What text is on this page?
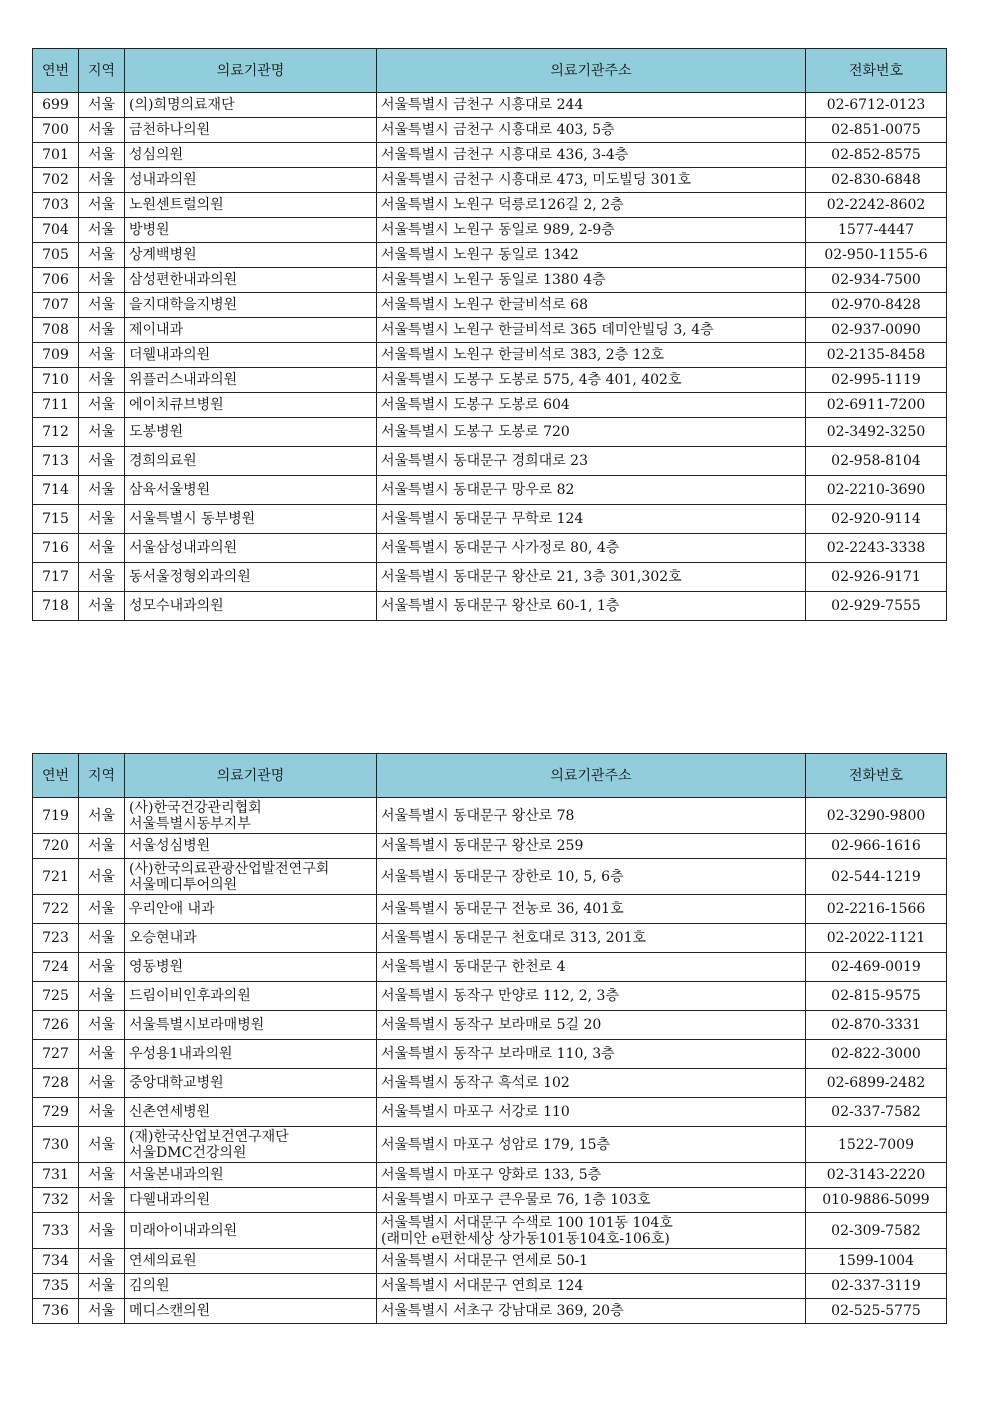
연번	지역	의료기관명	의료기관주소	전화번호
699	서울	(의)희명의료재단	서울특별시 금천구 시흥대로 244	02-6712-0123
700	서울	금천하나의원	서울특별시 금천구 시흥대로 403, 5층	02-851-0075
701	서울	성심의원	서울특별시 금천구 시흥대로 436, 3-4층	02-852-8575
702	서울	성내과의원	서울특별시 금천구 시흥대로 473, 미도빌딩 301호	02-830-6848
703	서울	노원센트럴의원	서울특별시 노원구 덕릉로126길 2, 2층	02-2242-8602
704	서울	방병원	서울특별시 노원구 동일로 989, 2-9층	1577-4447
705	서울	상계백병원	서울특별시 노원구 동일로 1342	02-950-1155-6
706	서울	삼성편한내과의원	서울특별시 노원구 동일로 1380 4층	02-934-7500
707	서울	을지대학을지병원	서울특별시 노원구 한글비석로 68	02-970-8428
708	서울	제이내과	서울특별시 노원구 한글비석로 365 데미안빌딩 3, 4층	02-937-0090
709	서울	더웰내과의원	서울특별시 노원구 한글비석로 383, 2층 12호	02-2135-8458
710	서울	위플러스내과의원	서울특별시 도봉구 도봉로 575, 4층 401, 402호	02-995-1119
711	서울	에이치큐브병원	서울특별시 도봉구 도봉로 604	02-6911-7200
712	서울	도봉병원	서울특별시 도봉구 도봉로 720	02-3492-3250
713	서울	경희의료원	서울특별시 동대문구 경희대로 23	02-958-8104
714	서울	삼육서울병원	서울특별시 동대문구 망우로 82	02-2210-3690
715	서울	서울특별시 동부병원	서울특별시 동대문구 무학로 124	02-920-9114
716	서울	서울삼성내과의원	서울특별시 동대문구 사가정로 80, 4층	02-2243-3338
717	서울	동서울정형외과의원	서울특별시 동대문구 왕산로 21, 3층 301,302호	02-926-9171
718	서울	성모수내과의원	서울특별시 동대문구 왕산로 60-1, 1층	02-929-7555
연번	지역	의료기관명	의료기관주소	전화번호
719	서울	(사)한국건강관리협회
서울특별시동부지부	서울특별시 동대문구 왕산로 78	02-3290-9800
720	서울	서울성심병원	서울특별시 동대문구 왕산로 259	02-966-1616
721	서울	(사)한국의료관광산업발전연구회
서울메디투어의원	서울특별시 동대문구 장한로 10, 5, 6층	02-544-1219
722	서울	우리안애 내과	서울특별시 동대문구 전농로 36, 401호	02-2216-1566
723	서울	오승현내과	서울특별시 동대문구 천호대로 313, 201호	02-2022-1121
724	서울	영동병원	서울특별시 동대문구 한천로 4	02-469-0019
725	서울	드림이비인후과의원	서울특별시 동작구 만양로 112, 2, 3층	02-815-9575
726	서울	서울특별시보라매병원	서울특별시 동작구 보라매로 5길 20	02-870-3331
727	서울	우성용1내과의원	서울특별시 동작구 보라매로 110, 3층	02-822-3000
728	서울	중앙대학교병원	서울특별시 동작구 흑석로 102	02-6899-2482
729	서울	신촌연세병원	서울특별시 마포구 서강로 110	02-337-7582
730	서울	(재)한국산업보건연구재단
서울DMC건강의원	서울특별시 마포구 성암로 179, 15층	1522-7009
731	서울	서울본내과의원	서울특별시 마포구 양화로 133, 5층	02-3143-2220
732	서울	다웰내과의원	서울특별시 마포구 큰우물로 76, 1층 103호	010-9886-5099
733	서울	미래아이내과의원	서울특별시 서대문구 수색로 100 101동 104호
(래미안 e편한세상 상가동101동104호-106호)	02-309-7582
734	서울	연세의료원	서울특별시 서대문구 연세로 50-1	1599-1004
735	서울	김의원	서울특별시 서대문구 연희로 124	02-337-3119
736	서울	메디스캔의원	서울특별시 서초구 강남대로 369, 20층	02-525-5775
